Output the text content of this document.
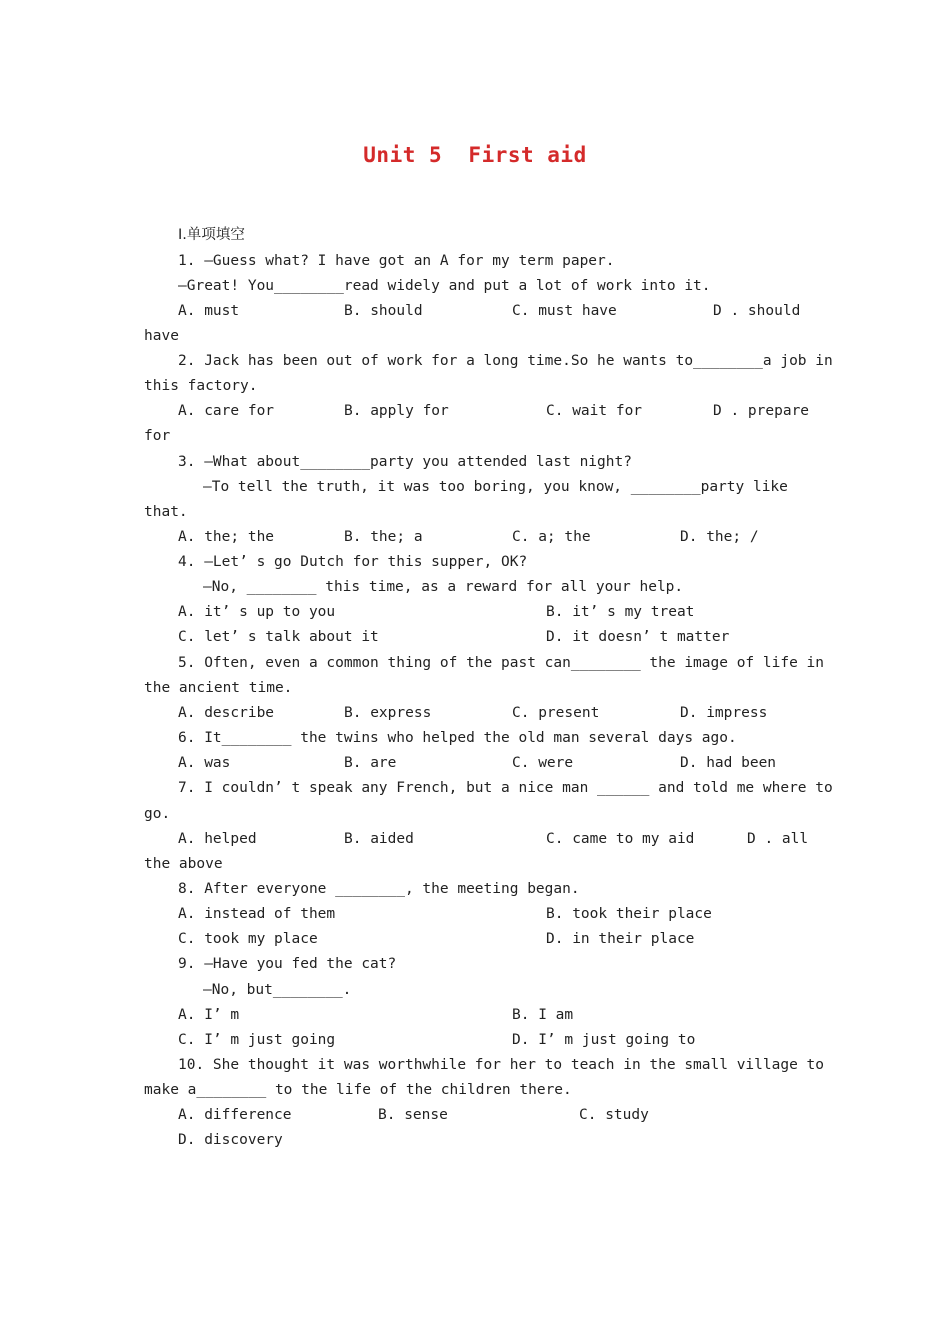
Unit 5  First aid
Ⅰ.单项填空
1. —Guess what? I have got an A for my term paper.
—Great! You________read widely and put a lot of work into it.
A. must	B. should	C. must have	D . should
have
2. Jack has been out of work for a long time.So he wants to________a job in
this factory.
A. care for	B. apply for	C. wait for	D . prepare
for
3. —What about________party you attended last night?
—To tell the truth, it was too boring, you know, ________party like
that.
A. the; the	B. the; a	C. a; the	D. the; /
4. —Let’ s go Dutch for this supper, OK?
—No, ________ this time, as a reward for all your help.
A. it’ s up to you	B. it’ s my treat
C. let’ s talk about it	D. it doesn’ t matter
5. Often, even a common thing of the past can________ the image of life in
the ancient time.
A. describe	B. express	C. present	D. impress
6. It________ the twins who helped the old man several days ago.
A. was	B. are	C. were	D. had been
7. I couldn’ t speak any French, but a nice man ______ and told me where to
go.
A. helped	B. aided	C. came to my aid	D . all
the above
8. After everyone ________, the meeting began.
A. instead of them	B. took their place
C. took my place	D. in their place
9. —Have you fed the cat?
—No, but________.
A. I’ m	B. I am
C. I’ m just going	D. I’ m just going to
10. She thought it was worthwhile for her to teach in the small village to
make a________ to the life of the children there.
A. difference	B. sense	C. study
D. discovery
